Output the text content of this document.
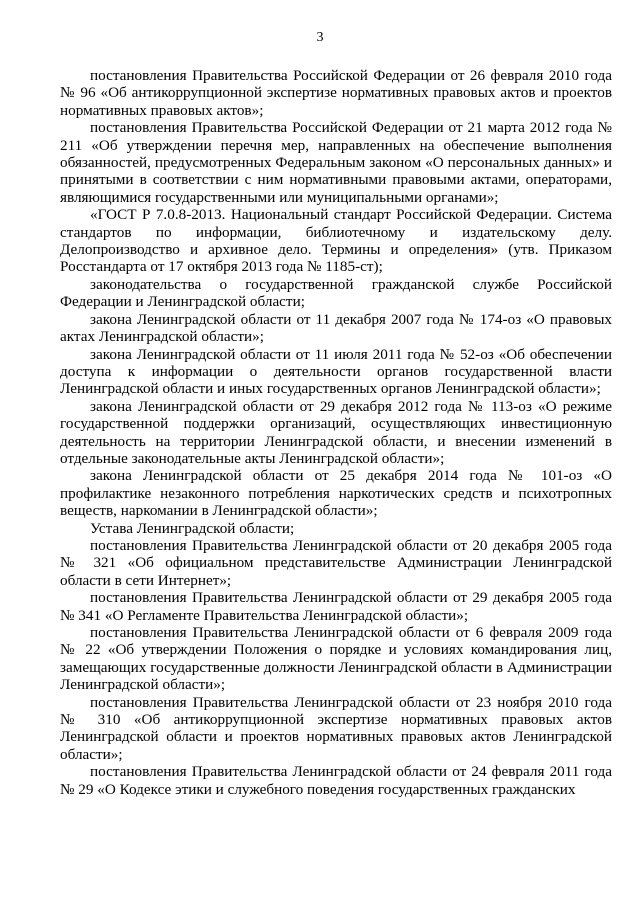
3

постановления Правительства Российской Федерации от 26 февраля 2010 года № 96 «Об антикоррупционной экспертизе нормативных правовых актов и проектов нормативных правовых актов»;

постановления Правительства Российской Федерации от 21 марта 2012 года № 211 «Об утверждении перечня мер, направленных на обеспечение выполнения обязанностей, предусмотренных Федеральным законом «О персональных данных» и принятыми в соответствии с ним нормативными правовыми актами, операторами, являющимися государственными или муниципальными органами»;

«ГОСТ Р 7.0.8-2013. Национальный стандарт Российской Федерации. Система стандартов по информации, библиотечному и издательскому делу. Делопроизводство и архивное дело. Термины и определения» (утв. Приказом Росстандарта от 17 октября 2013 года № 1185-ст);

законодательства о государственной гражданской службе Российской Федерации и Ленинградской области;

закона Ленинградской области от 11 декабря 2007 года № 174-оз «О правовых актах Ленинградской области»;

закона Ленинградской области от 11 июля 2011 года № 52-оз «Об обеспечении доступа к информации о деятельности органов государственной власти Ленинградской области и иных государственных органов Ленинградской области»;

закона Ленинградской области от 29 декабря 2012 года № 113-оз «О режиме государственной поддержки организаций, осуществляющих инвестиционную деятельность на территории Ленинградской области, и внесении изменений в отдельные законодательные акты Ленинградской области»;

закона Ленинградской области от 25 декабря 2014 года № 101-оз «О профилактике незаконного потребления наркотических средств и психотропных веществ, наркомании в Ленинградской области»;

Устава Ленинградской области;

постановления Правительства Ленинградской области от 20 декабря 2005 года № 321 «Об официальном представительстве Администрации Ленинградской области в сети Интернет»;

постановления Правительства Ленинградской области от 29 декабря 2005 года № 341 «О Регламенте Правительства Ленинградской области»;

постановления Правительства Ленинградской области от 6 февраля 2009 года № 22 «Об утверждении Положения о порядке и условиях командирования лиц, замещающих государственные должности Ленинградской области в Администрации Ленинградской области»;

постановления Правительства Ленинградской области от 23 ноября 2010 года № 310 «Об антикоррупционной экспертизе нормативных правовых актов Ленинградской области и проектов нормативных правовых актов Ленинградской области»;

постановления Правительства Ленинградской области от 24 февраля 2011 года № 29 «О Кодексе этики и служебного поведения государственных гражданских
